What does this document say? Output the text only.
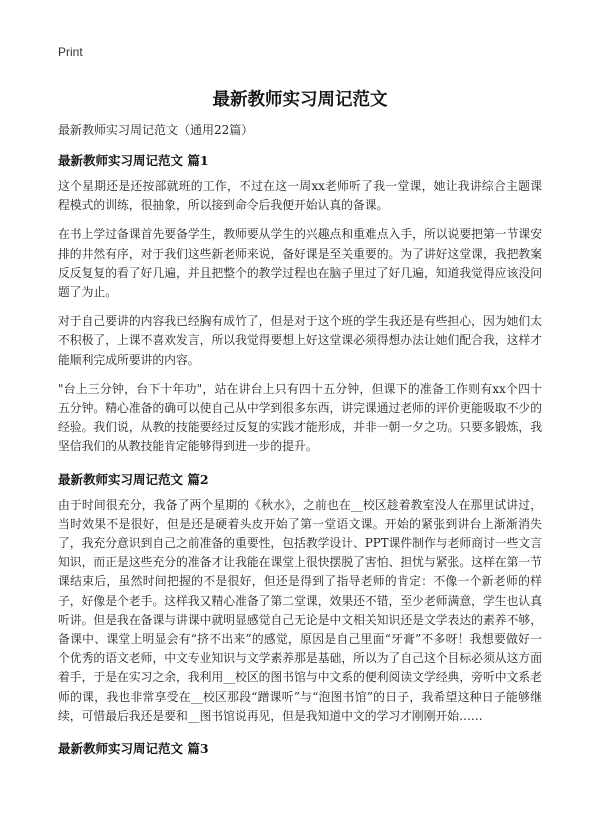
Print
最新教师实习周记范文

最新教师实习周记范文（通用22篇）

最新教师实习周记范文 篇1

这个星期还是还按部就班的工作，不过在这一周xx老师听了我一堂课，她让我讲综合主题课程模式的训练，很抽象，所以接到命令后我便开始认真的备课。

在书上学过备课首先要备学生，教师要从学生的兴趣点和重难点入手，所以说要把第一节课安排的井然有序，对于我们这些新老师来说，备好课是至关重要的。为了讲好这堂课，我把教案反反复复的看了好几遍，并且把整个的教学过程也在脑子里过了好几遍，知道我觉得应该没问题了为止。

对于自己要讲的内容我已经胸有成竹了，但是对于这个班的学生我还是有些担心，因为她们太不积极了，上课不喜欢发言，所以我觉得要想上好这堂课必须得想办法让她们配合我，这样才能顺利完成所要讲的内容。

"台上三分钟，台下十年功"，站在讲台上只有四十五分钟，但课下的准备工作则有xx个四十五分钟。精心准备的确可以使自己从中学到很多东西，讲完课通过老师的评价更能吸取不少的经验。我们说，从教的技能要经过反复的实践才能形成，并非一朝一夕之功。只要多锻炼，我坚信我们的从教技能肯定能够得到进一步的提升。

最新教师实习周记范文 篇2

由于时间很充分，我备了两个星期的《秋水》，之前也在__校区趁着教室没人在那里试讲过，当时效果不是很好，但是还是硬着头皮开始了第一堂语文课。开始的紧张到讲台上渐渐消失了，我充分意识到自己之前准备的重要性，包括教学设计、PPT课件制作与老师商讨一些文言知识，而正是这些充分的准备才让我能在课堂上很快摆脱了害怕、担忧与紧张。这样在第一节课结束后，虽然时间把握的不是很好，但还是得到了指导老师的肯定：不像一个新老师的样子，好像是个老手。这样我又精心准备了第二堂课，效果还不错，至少老师满意，学生也认真听讲。但是我在备课与讲课中就明显感觉自己无论是中文相关知识还是文学表达的素养不够，备课中、课堂上明显会有“挤不出来”的感觉，原因是自己里面“牙膏”不多呀！我想要做好一个优秀的语文老师，中文专业知识与文学素养那是基础，所以为了自己这个目标必须从这方面着手，于是在实习之余，我利用__校区的图书馆与中文系的便利阅读文学经典，旁听中文系老师的课，我也非常享受在__校区那段“蹭课听”与“泡图书馆”的日子，我希望这种日子能够继续，可惜最后我还是要和__图书馆说再见，但是我知道中文的学习才刚刚开始……

最新教师实习周记范文 篇3
